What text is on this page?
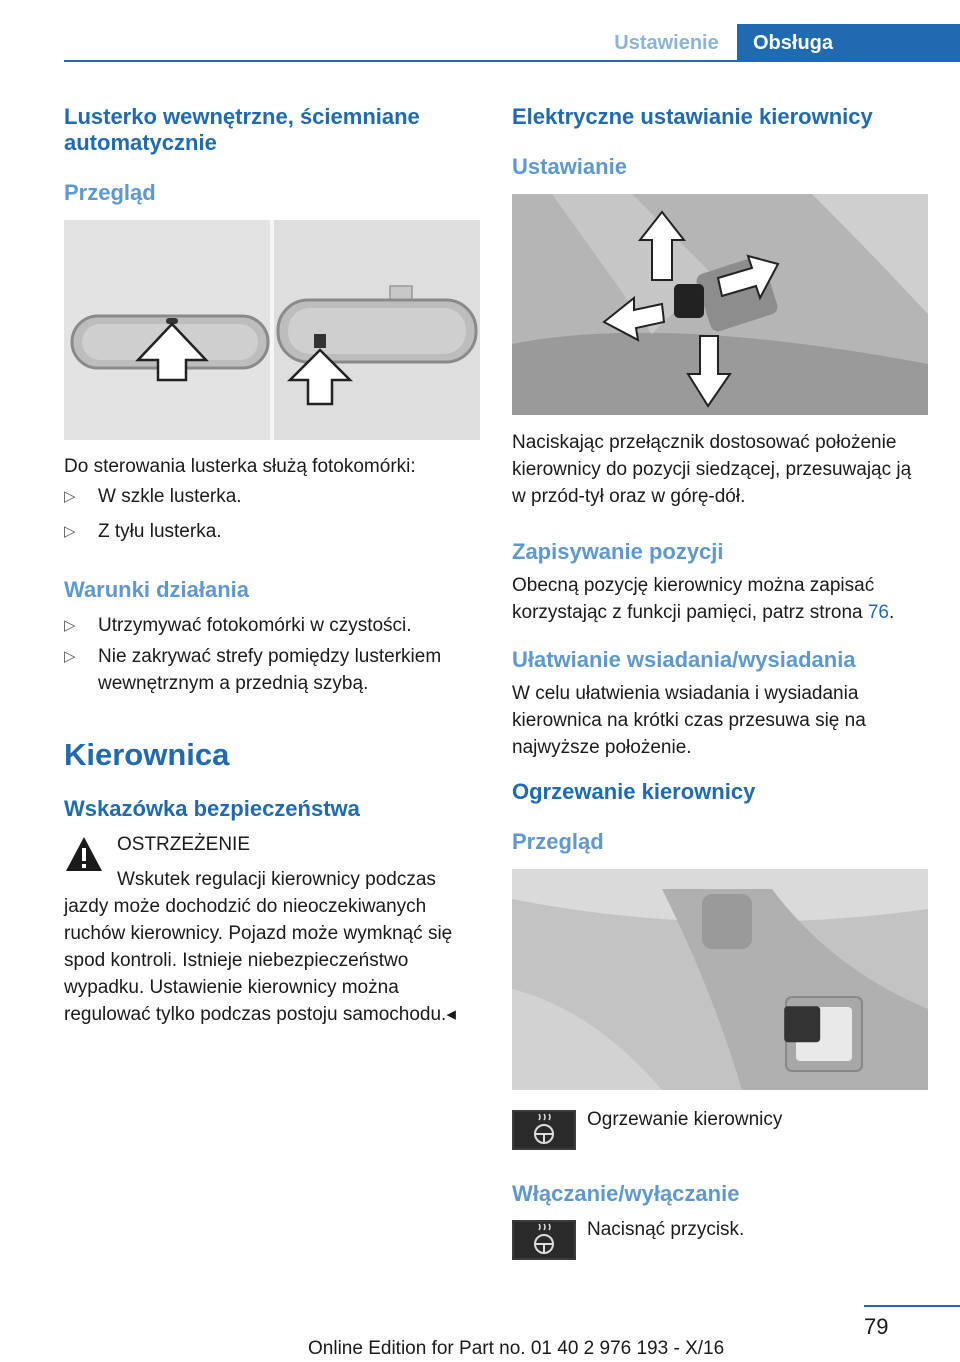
Ustawienie	Obsługa
Lusterko wewnętrzne, ściemniane automatycznie
Przegląd
Do sterowania lusterka służą fotokomórki:
▷ W szkle lusterka.
▷ Z tyłu lusterka.
Warunki działania
▷ Utrzymywać fotokomórki w czystości.
▷ Nie zakrywać strefy pomiędzy lusterkiem wewnętrznym a przednią szybą.
Kierownica
Wskazówka bezpieczeństwa
OSTRZEŻENIE
Wskutek regulacji kierownicy podczas jazdy może dochodzić do nieoczekiwanych ruchów kierownicy. Pojazd może wymknąć się spod kontroli. Istnieje niebezpieczeństwo wypadku. Ustawienie kierownicy można regulować tylko podczas postoju samochodu.◂
Elektryczne ustawianie kierownicy
Ustawianie
Naciskając przełącznik dostosować położenie kierownicy do pozycji siedzącej, przesuwając ją w przód-tył oraz w górę-dół.
Zapisywanie pozycji
Obecną pozycję kierownicy można zapisać korzystając z funkcji pamięci, patrz strona 76.
Ułatwianie wsiadania/wysiadania
W celu ułatwienia wsiadania i wysiadania kierownica na krótki czas przesuwa się na najwyższe położenie.
Ogrzewanie kierownicy
Przegląd
Ogrzewanie kierownicy
Włączanie/wyłączanie
Nacisnąć przycisk.
79
Online Edition for Part no. 01 40 2 976 193 - X/16
